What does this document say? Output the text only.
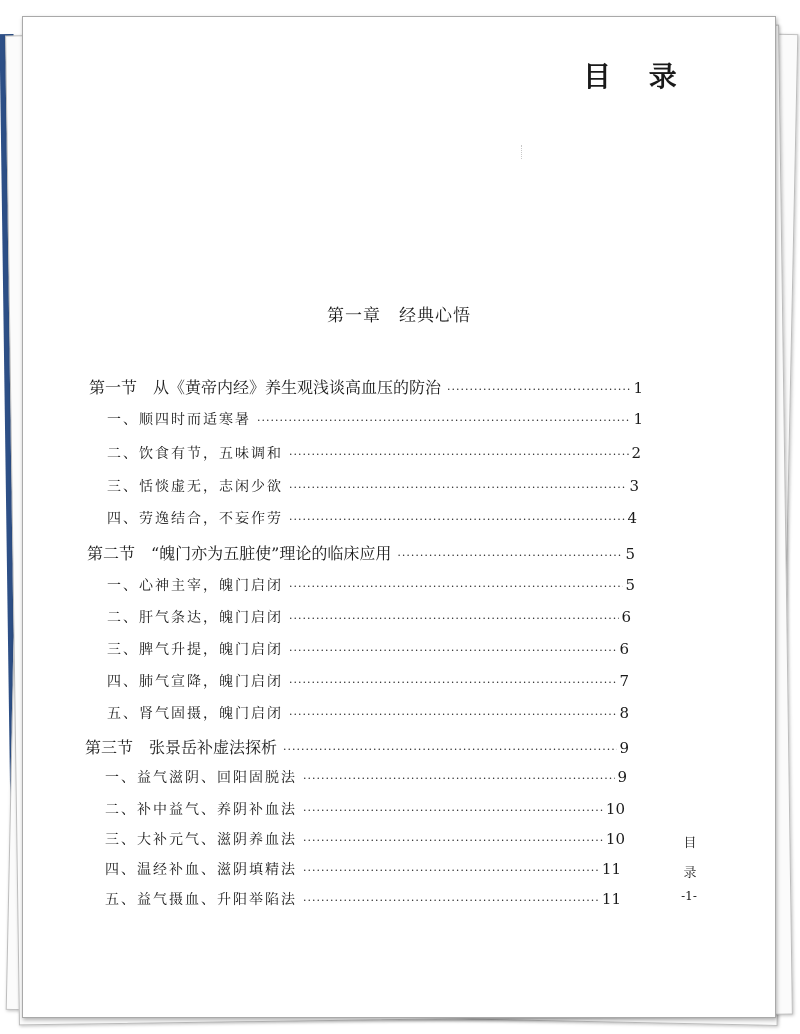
目 录
第一章　经典心悟
第一节　从《黄帝内经》养生观浅谈高血压的防治 ·····	1
一、顺四时而适寒暑 ·····	1
二、饮食有节，五味调和 ·····	2
三、恬惔虚无，志闲少欲 ·····	3
四、劳逸结合，不妄作劳 ·····	4
第二节　“魄门亦为五脏使”理论的临床应用 ·····	5
一、心神主宰，魄门启闭 ·····	5
二、肝气条达，魄门启闭 ·····	6
三、脾气升提，魄门启闭 ·····	6
四、肺气宣降，魄门启闭 ·····	7
五、肾气固摄，魄门启闭 ·····	8
第三节　张景岳补虚法探析 ·····	9
一、益气滋阴、回阳固脱法 ·····	9
二、补中益气、养阴补血法 ·····	10
三、大补元气、滋阴养血法 ·····	10
四、温经补血、滋阴填精法 ·····	11
五、益气摄血、升阳举陷法 ·····	11
目
录
-1-
